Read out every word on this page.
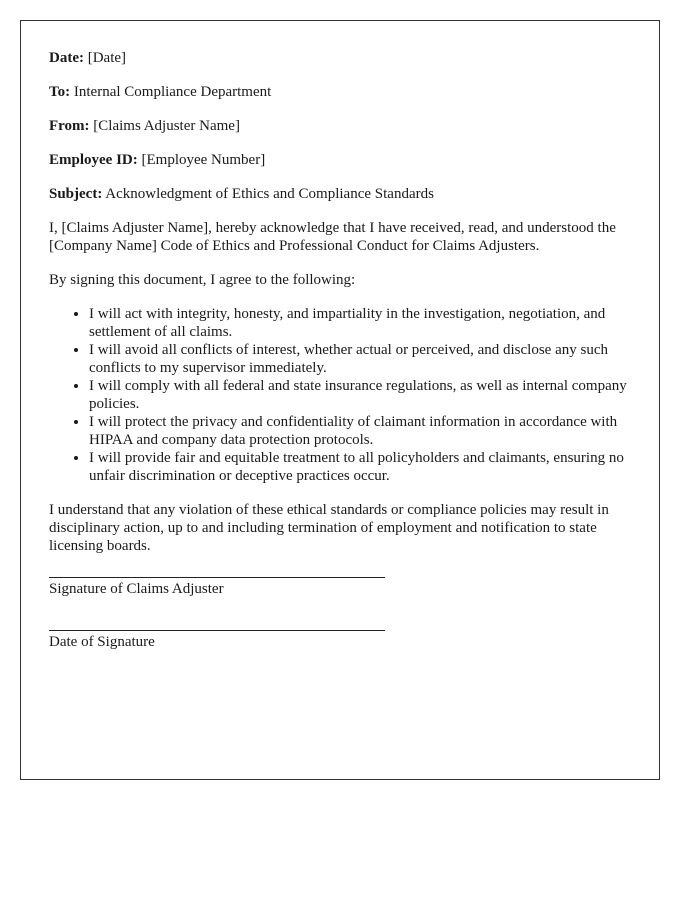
Date: [Date]
To: Internal Compliance Department
From: [Claims Adjuster Name]
Employee ID: [Employee Number]
Subject: Acknowledgment of Ethics and Compliance Standards

I, [Claims Adjuster Name], hereby acknowledge that I have received, read, and understood the [Company Name] Code of Ethics and Professional Conduct for Claims Adjusters.

By signing this document, I agree to the following:

• I will act with integrity, honesty, and impartiality in the investigation, negotiation, and settlement of all claims.
• I will avoid all conflicts of interest, whether actual or perceived, and disclose any such conflicts to my supervisor immediately.
• I will comply with all federal and state insurance regulations, as well as internal company policies.
• I will protect the privacy and confidentiality of claimant information in accordance with HIPAA and company data protection protocols.
• I will provide fair and equitable treatment to all policyholders and claimants, ensuring no unfair discrimination or deceptive practices occur.

I understand that any violation of these ethical standards or compliance policies may result in disciplinary action, up to and including termination of employment and notification to state licensing boards.

Signature of Claims Adjuster
Date of Signature
